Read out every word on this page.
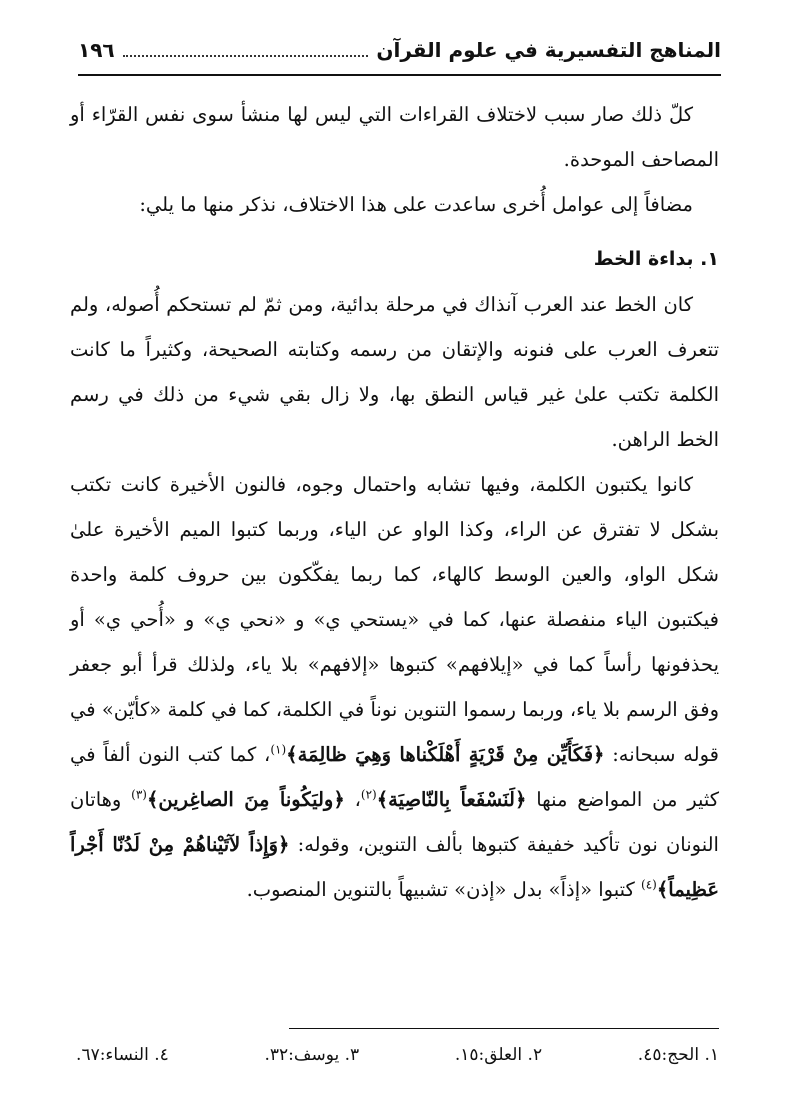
المناهج التفسيرية في علوم القرآن
١٩٦

كلّ ذلك صار سبب لاختلاف القراءات التي ليس لها منشأ سوى نفس القرّاء أو المصاحف الموحدة.

مضافاً إلى عوامل أُخرى ساعدت على هذا الاختلاف، نذكر منها ما يلي:

١. بداءة الخط

كان الخط عند العرب آنذاك في مرحلة بدائية، ومن ثمّ لم تستحكم أُصوله، ولم تتعرف العرب على فنونه والإتقان من رسمه وكتابته الصحيحة، وكثيراً ما كانت الكلمة تكتب علىٰ غير قياس النطق بها، ولا زال بقي شيء من ذلك في رسم الخط الراهن.

كانوا يكتبون الكلمة، وفيها تشابه واحتمال وجوه، فالنون الأخيرة كانت تكتب بشكل لا تفترق عن الراء، وكذا الواو عن الياء، وربما كتبوا الميم الأخيرة علىٰ شكل الواو، والعين الوسط كالهاء، كما ربما يفكّكون بين حروف كلمة واحدة فيكتبون الياء منفصلة عنها، كما في «يستحي ي» و «نحي ي» و «أُحي ي» أو يحذفونها رأساً كما في «إيلافهم» كتبوها «إلافهم» بلا ياء، ولذلك قرأ أبو جعفر وفق الرسم بلا ياء، وربما رسموا التنوين نوناً في الكلمة، كما في كلمة «كأيّن» في قوله سبحانه: ﴿فَكَأَيِّن مِنْ قَرْيَةٍ أَهْلَكْناها وَهِيَ ظالِمَة﴾$^{(١)}$، كما كتب النون ألفاً في كثير من المواضع منها ﴿لَنَسْفَعاً بِالنّاصِيَة﴾$^{(٢)}$، ﴿وليَكُوناً مِنَ الصاغِرين﴾$^{(٣)}$ وهاتان النونان نون تأكيد خفيفة كتبوها بألف التنوين، وقوله: ﴿وَإِذاً لآتَيْناهُمْ مِنْ لَدُنّا أَجْراً عَظِيماً﴾$^{(٤)}$ كتبوا «إذاً» بدل «إذن» تشبيهاً بالتنوين المنصوب.

١. الحج:٤٥.
٢. العلق:١٥.
٣. يوسف:٣٢.
٤. النساء:٦٧.
